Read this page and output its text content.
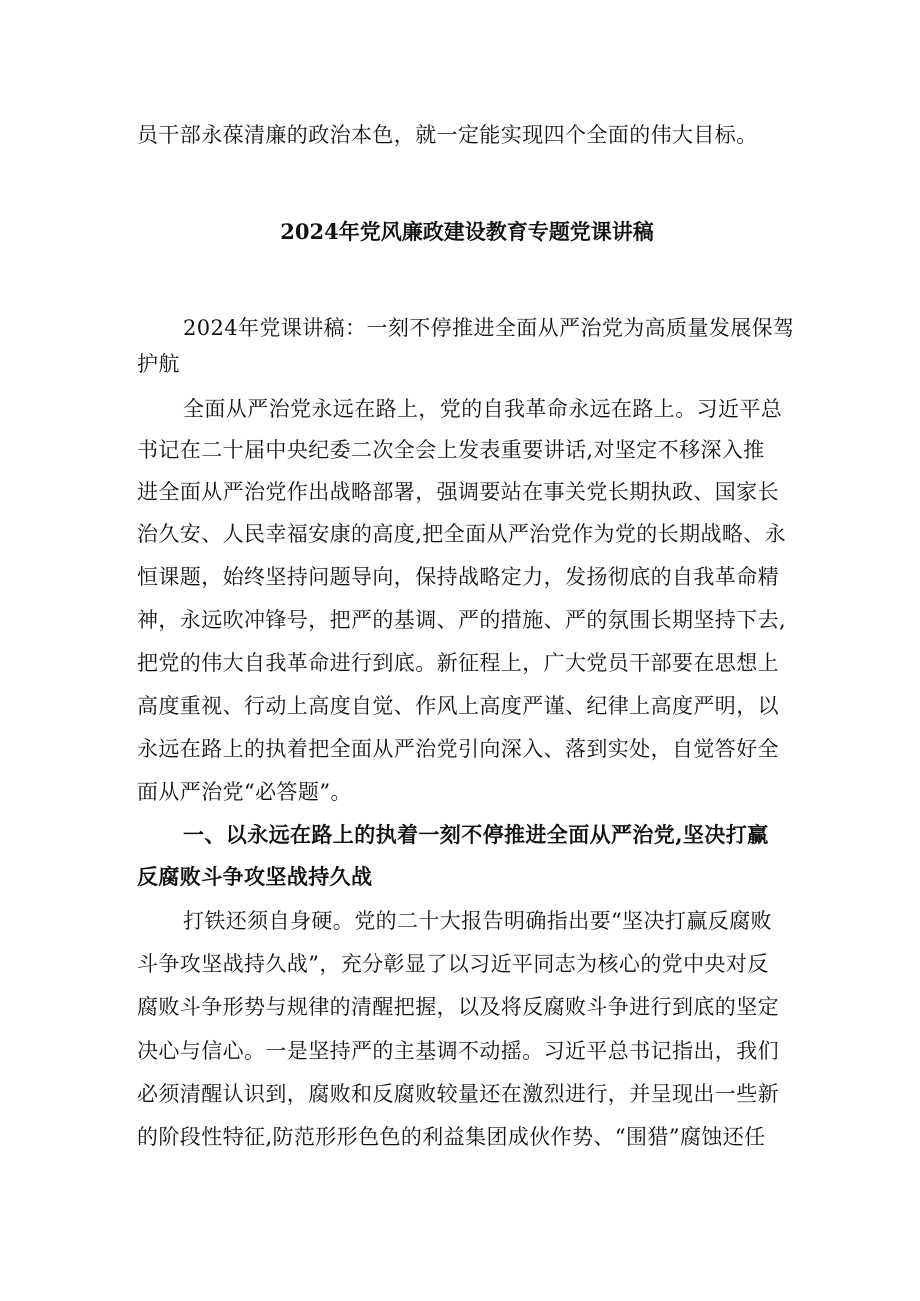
员干部永葆清廉的政治本色，就一定能实现四个全面的伟大目标。
2024年党风廉政建设教育专题党课讲稿
2024年党课讲稿：一刻不停推进全面从严治党为高质量发展保驾
护航
全面从严治党永远在路上，党的自我革命永远在路上。习近平总
书记在二十届中央纪委二次全会上发表重要讲话,对坚定不移深入推
进全面从严治党作出战略部署，强调要站在事关党长期执政、国家长
治久安、人民幸福安康的高度,把全面从严治党作为党的长期战略、永
恒课题，始终坚持问题导向，保持战略定力，发扬彻底的自我革命精
神，永远吹冲锋号，把严的基调、严的措施、严的氛围长期坚持下去,
把党的伟大自我革命进行到底。新征程上，广大党员干部要在思想上
高度重视、行动上高度自觉、作风上高度严谨、纪律上高度严明，以
永远在路上的执着把全面从严治党引向深入、落到实处，自觉答好全
面从严治党“必答题”。
一、以永远在路上的执着一刻不停推进全面从严治党,坚决打赢
反腐败斗争攻坚战持久战
打铁还须自身硬。党的二十大报告明确指出要“坚决打赢反腐败
斗争攻坚战持久战”，充分彰显了以习近平同志为核心的党中央对反
腐败斗争形势与规律的清醒把握，以及将反腐败斗争进行到底的坚定
决心与信心。一是坚持严的主基调不动摇。习近平总书记指出，我们
必须清醒认识到，腐败和反腐败较量还在激烈进行，并呈现出一些新
的阶段性特征,防范形形色色的利益集团成伙作势、“围猎”腐蚀还任
